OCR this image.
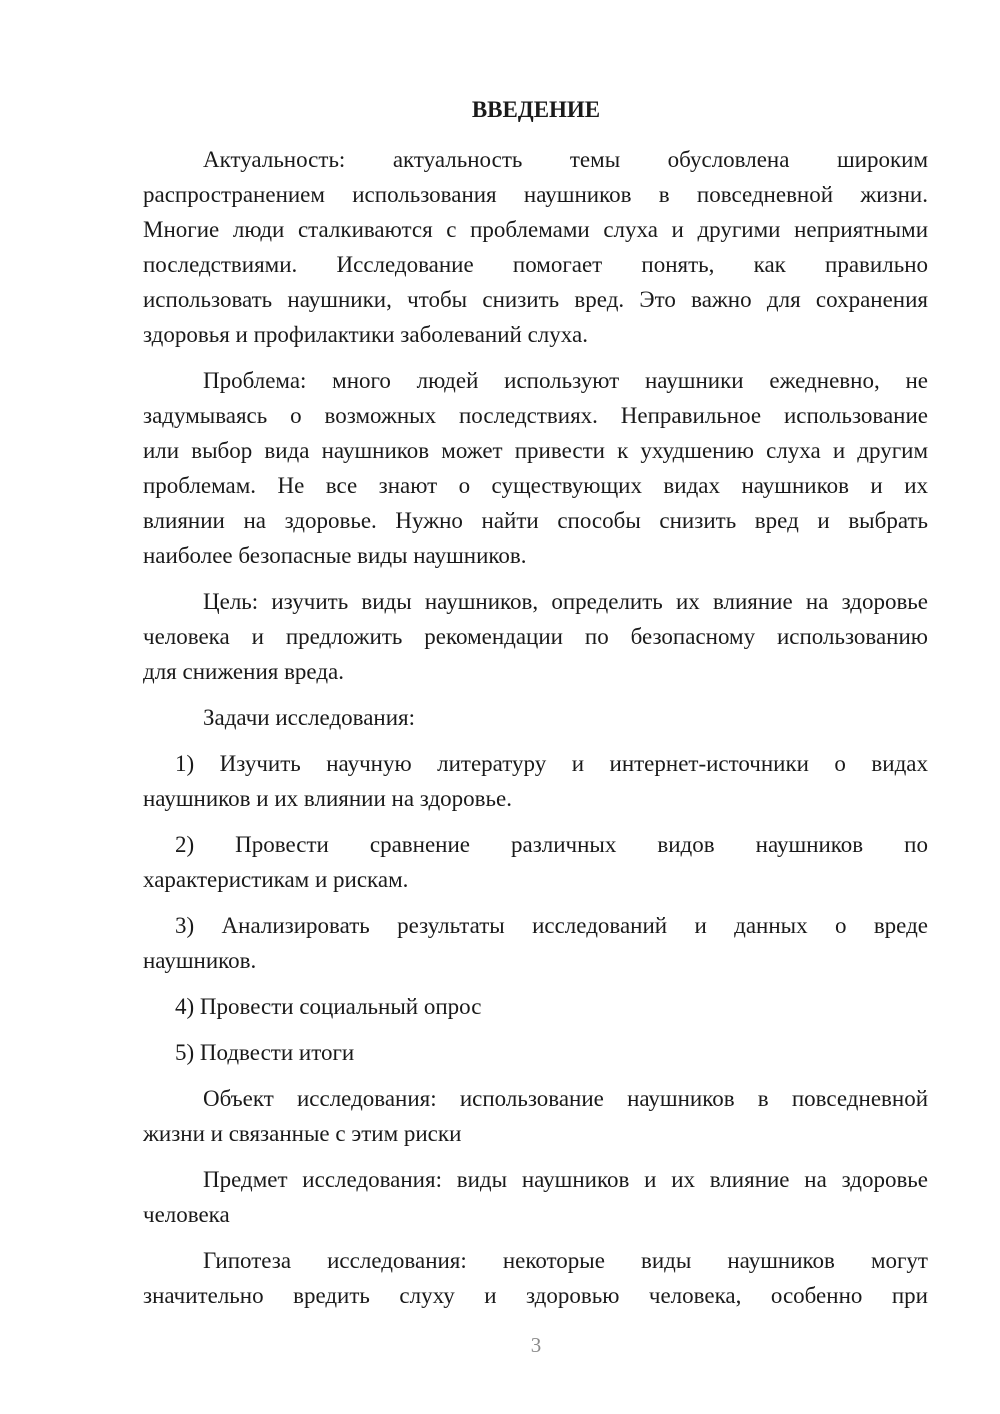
ВВЕДЕНИЕ
Актуальность: актуальность темы обусловлена широким
распространением использования наушников в повседневной жизни.
Многие люди сталкиваются с проблемами слуха и другими неприятными
последствиями. Исследование помогает понять, как правильно
использовать наушники, чтобы снизить вред. Это важно для сохранения
здоровья и профилактики заболеваний слуха.
Проблема: много людей используют наушники ежедневно, не
задумываясь о возможных последствиях. Неправильное использование
или выбор вида наушников может привести к ухудшению слуха и другим
проблемам. Не все знают о существующих видах наушников и их
влиянии на здоровье. Нужно найти способы снизить вред и выбрать
наиболее безопасные виды наушников.
Цель: изучить виды наушников, определить их влияние на здоровье
человека и предложить рекомендации по безопасному использованию
для снижения вреда.
Задачи исследования:
1) Изучить научную литературу и интернет-источники о видах
наушников и их влиянии на здоровье.
2) Провести сравнение различных видов наушников по
характеристикам и рискам.
3) Анализировать результаты исследований и данных о вреде
наушников.
4) Провести социальный опрос
5) Подвести итоги
Объект исследования: использование наушников в повседневной
жизни и связанные с этим риски
Предмет исследования: виды наушников и их влияние на здоровье
человека
Гипотеза исследования: некоторые виды наушников могут
значительно вредить слуху и здоровью человека, особенно при
3
